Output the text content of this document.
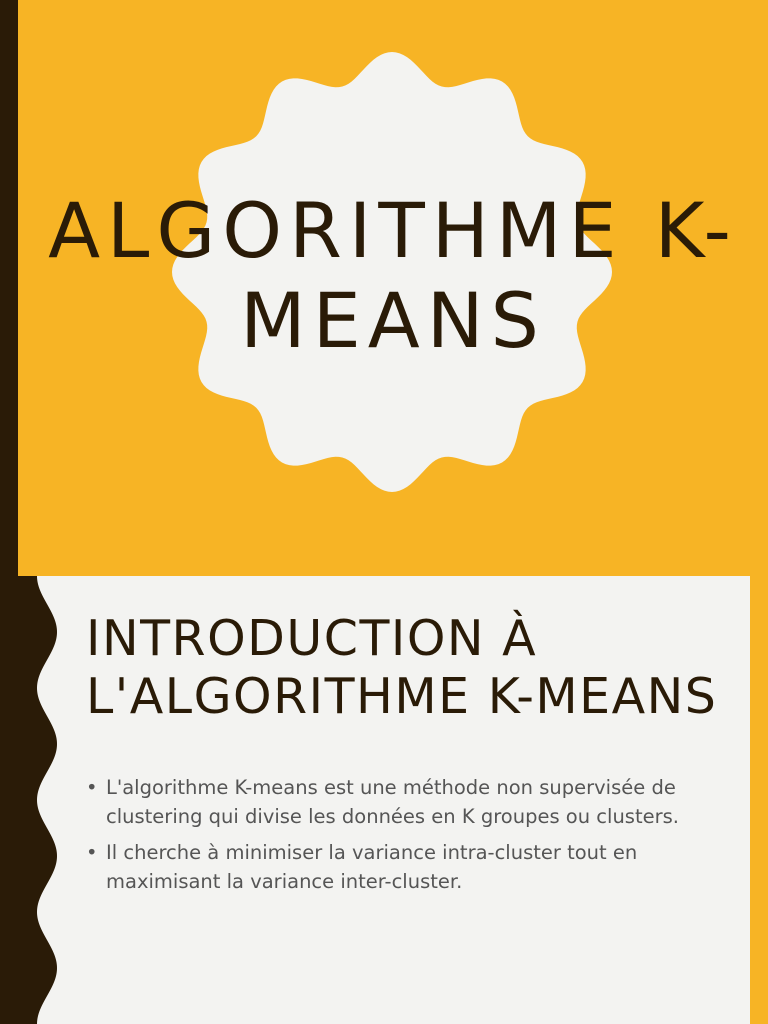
ALGORITHME K-MEANS
INTRODUCTION À L'ALGORITHME K-MEANS
• L'algorithme K-means est une méthode non supervisée de clustering qui divise les données en K groupes ou clusters.
• Il cherche à minimiser la variance intra-cluster tout en maximisant la variance inter-cluster.
